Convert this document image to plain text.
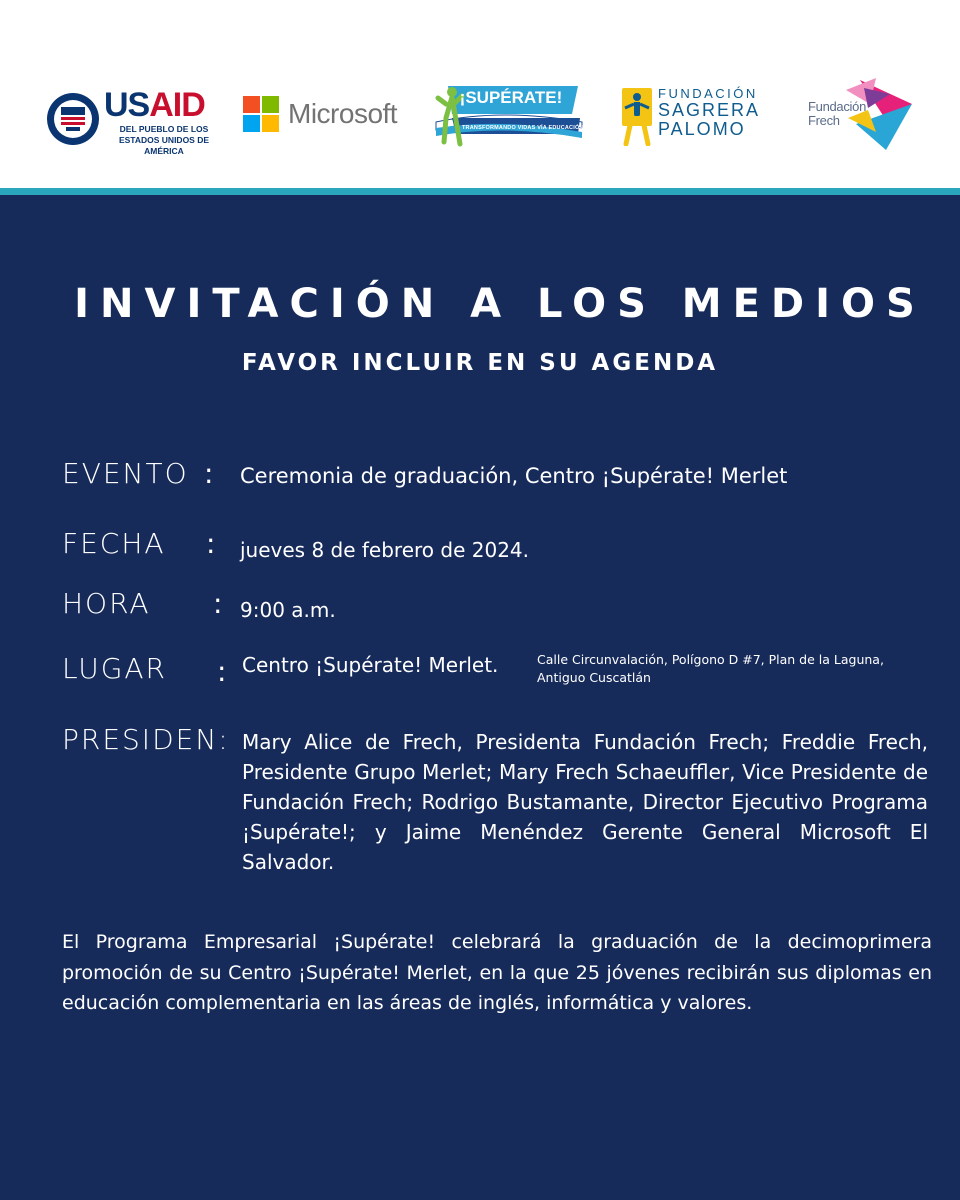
USAID
DEL PUEBLO DE LOS ESTADOS UNIDOS DE AMÉRICA
Microsoft
¡SUPÉRATE!
TRANSFORMANDO VIDAS VÍA EDUCACIÓN
FUNDACIÓN
SAGRERA
PALOMO
Fundación
Frech
INVITACIÓN A LOS MEDIOS
FAVOR INCLUIR EN SU AGENDA
EVENTO : Ceremonia de graduación, Centro ¡Supérate! Merlet
FECHA : jueves 8 de febrero de 2024.
HORA : 9:00 a.m.
LUGAR : Centro ¡Supérate! Merlet.	Calle Circunvalación, Polígono D #7, Plan de la Laguna,
Antiguo Cuscatlán
PRESIDEN: Mary Alice de Frech, Presidenta Fundación Frech; Freddie Frech, Presidente Grupo Merlet; Mary Frech Schaeuffler, Vice Presidente de Fundación Frech; Rodrigo Bustamante, Director Ejecutivo Programa ¡Supérate!; y Jaime Menéndez Gerente General Microsoft El Salvador.
El Programa Empresarial ¡Supérate! celebrará la graduación de la decimoprimera promoción de su Centro ¡Supérate! Merlet, en la que 25 jóvenes recibirán sus diplomas en educación complementaria en las áreas de inglés, informática y valores.
